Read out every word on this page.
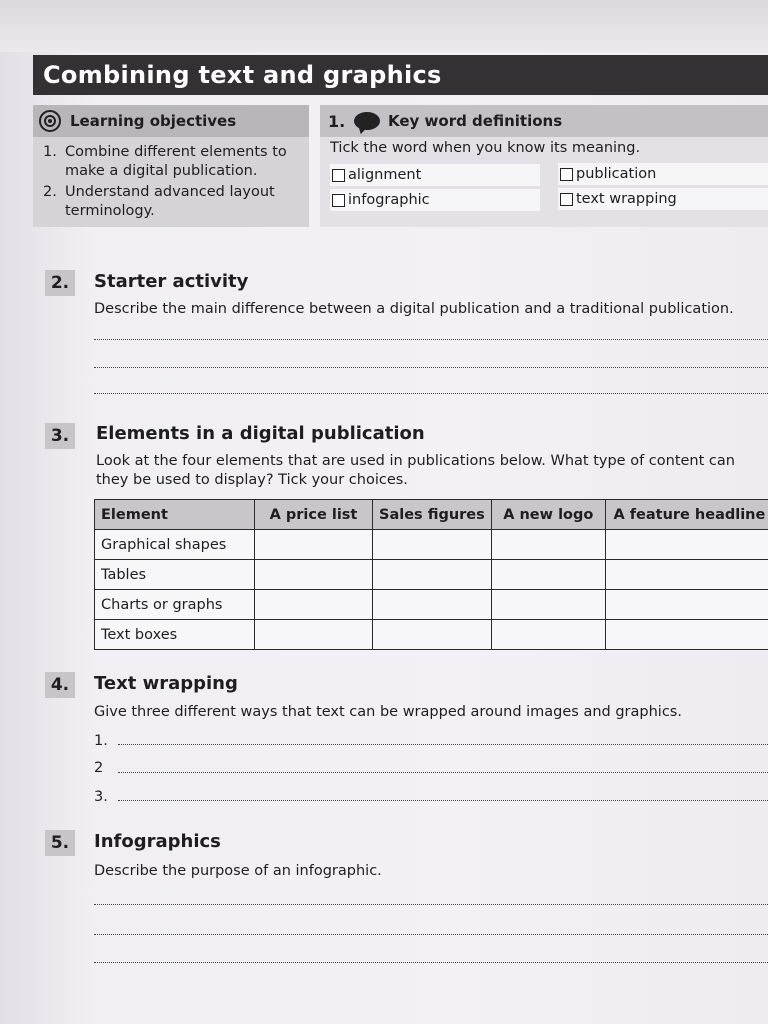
Combining text and graphics
Learning objectives
1. Combine different elements to make a digital publication.
2. Understand advanced layout terminology.
1.	Key word definitions
Tick the word when you know its meaning.
alignment	publication
infographic	text wrapping
2.	Starter activity
Describe the main difference between a digital publication and a traditional publication.
3.	Elements in a digital publication
Look at the four elements that are used in publications below. What type of content can they be used to display? Tick your choices.
Element	A price list	Sales figures	A new logo	A feature headline
Graphical shapes				
Tables				
Charts or graphs				
Text boxes				
4.	Text wrapping
Give three different ways that text can be wrapped around images and graphics.
1.
2
3.
5.	Infographics
Describe the purpose of an infographic.
